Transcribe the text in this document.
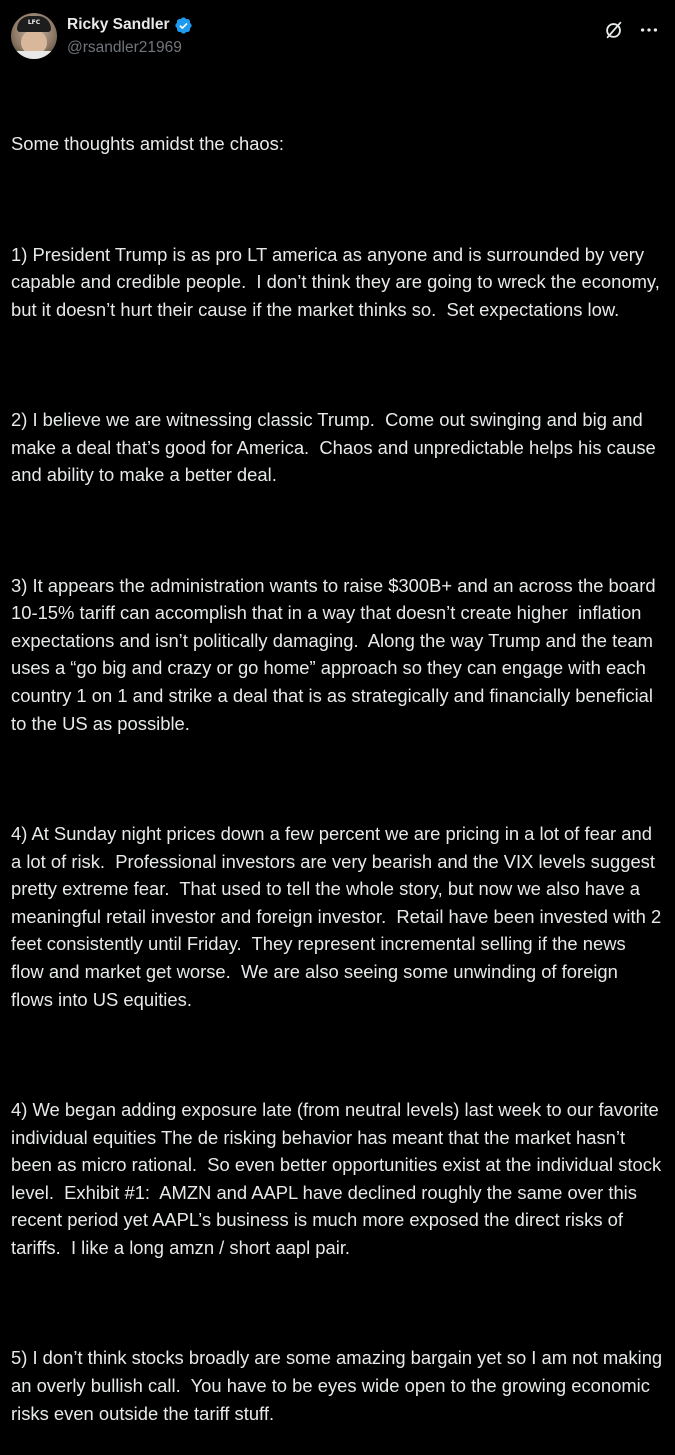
LFC	Ricky Sandler
@rsandler21969

Some thoughts amidst the chaos:

1) President Trump is as pro LT america as anyone and is surrounded by very capable and credible people.  I don’t think they are going to wreck the economy, but it doesn’t hurt their cause if the market thinks so.  Set expectations low.

2) I believe we are witnessing classic Trump.  Come out swinging and big and make a deal that’s good for America.  Chaos and unpredictable helps his cause and ability to make a better deal.

3) It appears the administration wants to raise $300B+ and an across the board 10-15% tariff can accomplish that in a way that doesn’t create higher  inflation expectations and isn’t politically damaging.  Along the way Trump and the team uses a “go big and crazy or go home” approach so they can engage with each country 1 on 1 and strike a deal that is as strategically and financially beneficial to the US as possible.

4) At Sunday night prices down a few percent we are pricing in a lot of fear and a lot of risk.  Professional investors are very bearish and the VIX levels suggest pretty extreme fear.  That used to tell the whole story, but now we also have a meaningful retail investor and foreign investor.  Retail have been invested with 2 feet consistently until Friday.  They represent incremental selling if the news flow and market get worse.  We are also seeing some unwinding of foreign flows into US equities.

4) We began adding exposure late (from neutral levels) last week to our favorite individual equities The de risking behavior has meant that the market hasn’t been as micro rational.  So even better opportunities exist at the individual stock level.  Exhibit #1:  AMZN and AAPL have declined roughly the same over this recent period yet AAPL’s business is much more exposed the direct risks of tariffs.  I like a long amzn / short aapl pair.

5) I don’t think stocks broadly are some amazing bargain yet so I am not making an overly bullish call.  You have to be eyes wide open to the growing economic risks even outside the tariff stuff.
